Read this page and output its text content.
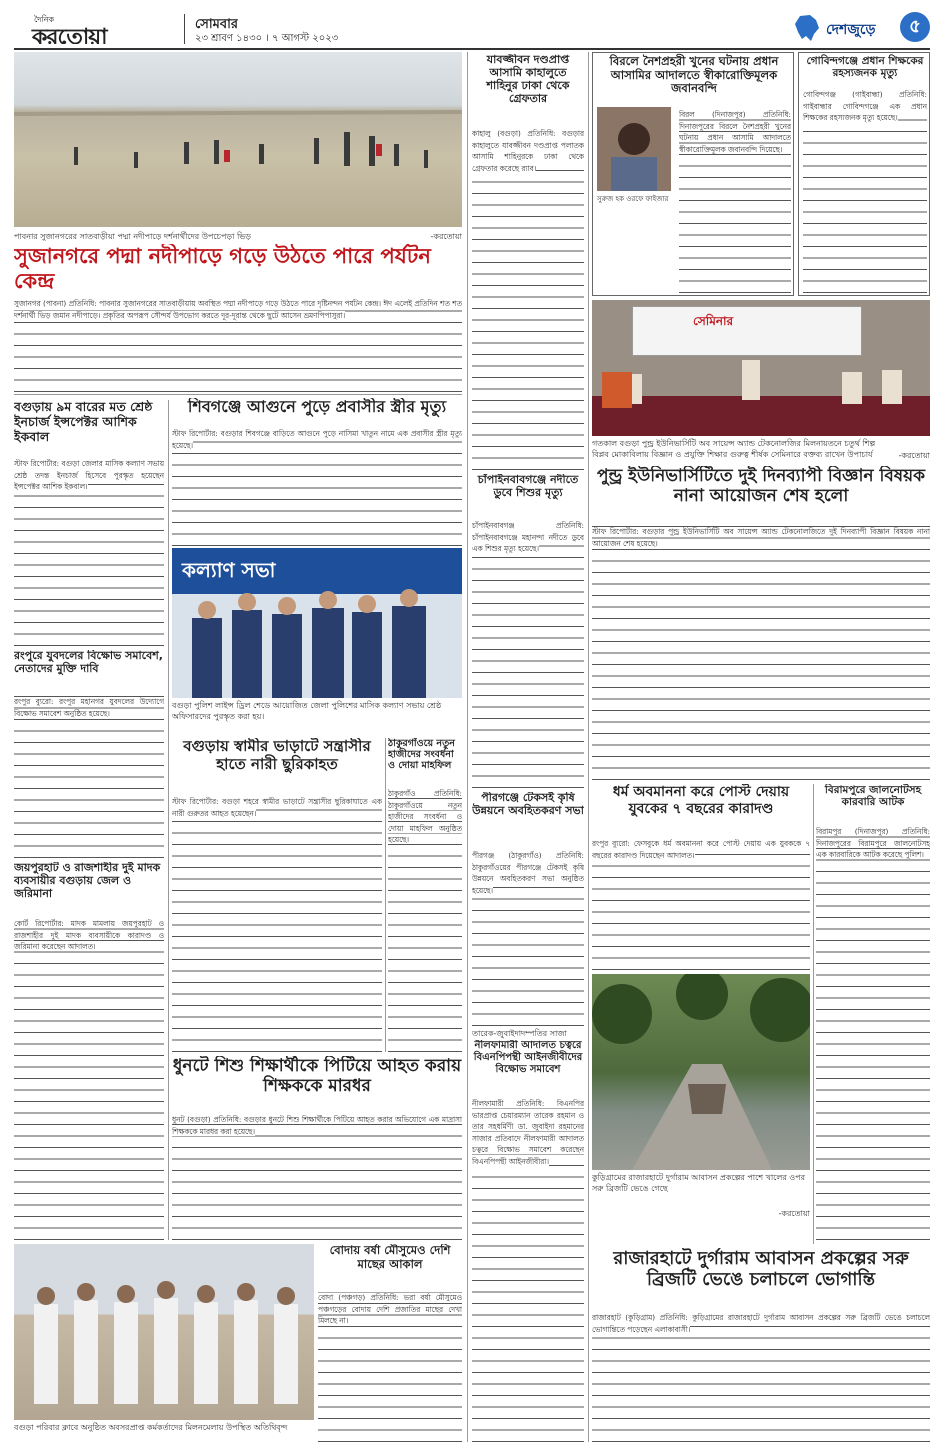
দৈনিক
করতোয়া
সোমবার
২৩ শ্রাবণ ১৪৩০ । ৭ আগস্ট ২০২৩
দেশজুড়ে	৫
পাবনার সুজানগরের সাতবাড়ীয়া পদ্মা নদীপাড়ে দর্শনার্থীদের উপচেপড়া ভিড়	-করতোয়া
সুজানগরে পদ্মা নদীপাড়ে গড়ে উঠতে পারে পর্যটন কেন্দ্র
সুজানগর (পাবনা) প্রতিনিধি: পাবনার সুজানগরের সাতবাড়ীয়ায় অবস্থিত পদ্মা নদীপাড়ে গড়ে উঠতে পারে দৃষ্টিনন্দন পর্যটন কেন্দ্র। ঈদ এলেই প্রতিদিন শত শত দর্শনার্থী ভিড় জমান নদীপাড়ে। প্রকৃতির অপরূপ সৌন্দর্য উপভোগ করতে দূর-দূরান্ত থেকে ছুটে আসেন ভ্রমণপিপাসুরা।
বগুড়ায় ৯ম বারের মত শ্রেষ্ঠ ইনচার্জ ইন্সপেক্টর আশিক ইকবাল
স্টাফ রিপোর্টার: বগুড়া জেলার মাসিক কল্যাণ সভায় শ্রেষ্ঠ তদন্ত ইনচার্জ হিসেবে পুরস্কৃত হয়েছেন ইন্সপেক্টর আশিক ইকবাল।
রংপুরে যুবদলের বিক্ষোভ সমাবেশ, নেতাদের মুক্তি দাবি
রংপুর ব্যুরো: রংপুর মহানগর যুবদলের উদ্যোগে বিক্ষোভ সমাবেশ অনুষ্ঠিত হয়েছে।
জয়পুরহাট ও রাজশাহীর দুই মাদক ব্যবসায়ীর বগুড়ায় জেল ও জরিমানা
কোর্ট রিপোর্টার: মাদক মামলায় জয়পুরহাট ও রাজশাহীর দুই মাদক ব্যবসায়ীকে কারাদণ্ড ও জরিমানা করেছেন আদালত।
শিবগঞ্জে আগুনে পুড়ে প্রবাসীর স্ত্রীর মৃত্যু
স্টাফ রিপোর্টার: বগুড়ার শিবগঞ্জে বাড়িতে আগুনে পুড়ে নাসিমা খাতুন নামে এক প্রবাসীর স্ত্রীর মৃত্যু হয়েছে।
কল্যাণ সভা
বগুড়া পুলিশ লাইন্স ড্রিল শেডে আয়োজিত জেলা পুলিশের মাসিক কল্যাণ সভায় শ্রেষ্ঠ অফিসারদের পুরস্কৃত করা হয়।
বগুড়ায় স্বামীর ভাড়াটে সন্ত্রাসীর হাতে নারী ছুরিকাহত
স্টাফ রিপোর্টার: বগুড়া শহরে স্বামীর ভাড়াটে সন্ত্রাসীর ছুরিকাঘাতে এক নারী গুরুতর আহত হয়েছেন।
ঠাকুরগাঁওয়ে নতুন হাজীদের সংবর্ধনা ও দোয়া মাহফিল
ঠাকুরগাঁও প্রতিনিধি: ঠাকুরগাঁওয়ে নতুন হাজীদের সংবর্ধনা ও দোয়া মাহফিল অনুষ্ঠিত হয়েছে।
ধুনটে শিশু শিক্ষার্থীকে পিটিয়ে আহত করায় শিক্ষককে মারধর
ধুনট (বগুড়া) প্রতিনিধি: বগুড়ার ধুনটে শিশু শিক্ষার্থীকে পিটিয়ে আহত করার অভিযোগে এক মাদ্রাসা শিক্ষককে মারধর করা হয়েছে।
বগুড়া পরিবার ক্লাবে অনুষ্ঠিত অবসরপ্রাপ্ত কর্মকর্তাদের মিলনমেলায় উপস্থিত অতিথিবৃন্দ
বোদায় বর্ষা মৌসুমেও দেশি মাছের আকাল
বোদা (পঞ্চগড়) প্রতিনিধি: ভরা বর্ষা মৌসুমেও পঞ্চগড়ের বোদায় দেশি প্রজাতির মাছের দেখা মিলছে না।
যাবজ্জীবন দণ্ডপ্রাপ্ত আসামি কাহালুতে শাহিনুর ঢাকা থেকে গ্রেফতার
কাহালু (বগুড়া) প্রতিনিধি: বগুড়ার কাহালুতে যাবজ্জীবন দণ্ডপ্রাপ্ত পলাতক আসামি শাহিনুরকে ঢাকা থেকে গ্রেফতার করেছে র‍্যাব।
চাঁপাইনবাবগঞ্জে নদীতে ডুবে শিশুর মৃত্যু
চাঁপাইনবাবগঞ্জ প্রতিনিধি: চাঁপাইনবাবগঞ্জে মহানন্দা নদীতে ডুবে এক শিশুর মৃত্যু হয়েছে।
পীরগঞ্জে টেকসই কৃষি উন্নয়নে অবহিতকরণ সভা
পীরগঞ্জ (ঠাকুরগাঁও) প্রতিনিধি: ঠাকুরগাঁওয়ের পীরগঞ্জে টেকসই কৃষি উন্নয়নে অবহিতকরণ সভা অনুষ্ঠিত হয়েছে।
তারেক-জুবাইদাদম্পতির সাজা
নীলফামারী আদালত চত্বরে বিএনপিপন্থী আইনজীবীদের বিক্ষোভ সমাবেশ
নীলফামারী প্রতিনিধি: বিএনপির ভারপ্রাপ্ত চেয়ারম্যান তারেক রহমান ও তার সহধর্মিণী ডা. জুবাইদা রহমানের সাজার প্রতিবাদে নীলফামারী আদালত চত্বরে বিক্ষোভ সমাবেশ করেছেন বিএনপিপন্থী আইনজীবীরা।
বিরলে নৈশপ্রহরী খুনের ঘটনায় প্রধান আসামির আদালতে স্বীকারোক্তিমূলক জবানবন্দি
সুরুজ হক ওরফে ফাইজার
বিরল (দিনাজপুর) প্রতিনিধি: দিনাজপুরের বিরলে নৈশপ্রহরী খুনের ঘটনায় প্রধান আসামি আদালতে স্বীকারোক্তিমূলক জবানবন্দি দিয়েছে।
গোবিন্দগঞ্জে প্রধান শিক্ষকের রহস্যজনক মৃত্যু
গোবিন্দগঞ্জ (গাইবান্ধা) প্রতিনিধি: গাইবান্ধার গোবিন্দগঞ্জে এক প্রধান শিক্ষকের রহস্যজনক মৃত্যু হয়েছে।
সেমিনার
গতকাল বগুড়া পুন্ড্র ইউনিভার্সিটি অব সায়েন্স অ্যান্ড টেকনোলজির মিলনায়তনে চতুর্থ শিল্প বিপ্লব মোকাবিলায় বিজ্ঞান ও প্রযুক্তি শিক্ষার গুরুত্ব শীর্ষক সেমিনারে বক্তব্য রাখেন উপাচার্য	-করতোয়া
পুন্ড্র ইউনিভার্সিটিতে দুই দিনব্যাপী বিজ্ঞান বিষয়ক নানা আয়োজন শেষ হলো
স্টাফ রিপোর্টার: বগুড়ার পুন্ড্র ইউনিভার্সিটি অব সায়েন্স অ্যান্ড টেকনোলজিতে দুই দিনব্যাপী বিজ্ঞান বিষয়ক নানা আয়োজন শেষ হয়েছে।
ধর্ম অবমাননা করে পোস্ট দেয়ায় যুবকের ৭ বছরের কারাদণ্ড
রংপুর ব্যুরো: ফেসবুকে ধর্ম অবমাননা করে পোস্ট দেয়ায় এক যুবককে ৭ বছরের কারাদণ্ড দিয়েছেন আদালত।
বিরামপুরে জালনোটসহ কারবারি আটক
বিরামপুর (দিনাজপুর) প্রতিনিধি: দিনাজপুরের বিরামপুরে জালনোটসহ এক কারবারিকে আটক করেছে পুলিশ।
কুড়িগ্রামের রাজারহাটে দুর্গারাম আবাসন প্রকল্পের পাশে খালের ওপর সরু ব্রিজটি ভেঙে গেছে
-করতোয়া
রাজারহাটে দুর্গারাম আবাসন প্রকল্পের সরু ব্রিজটি ভেঙে চলাচলে ভোগান্তি
রাজারহাট (কুড়িগ্রাম) প্রতিনিধি: কুড়িগ্রামের রাজারহাটে দুর্গারাম আবাসন প্রকল্পের সরু ব্রিজটি ভেঙে চলাচলে ভোগান্তিতে পড়েছেন এলাকাবাসী।
